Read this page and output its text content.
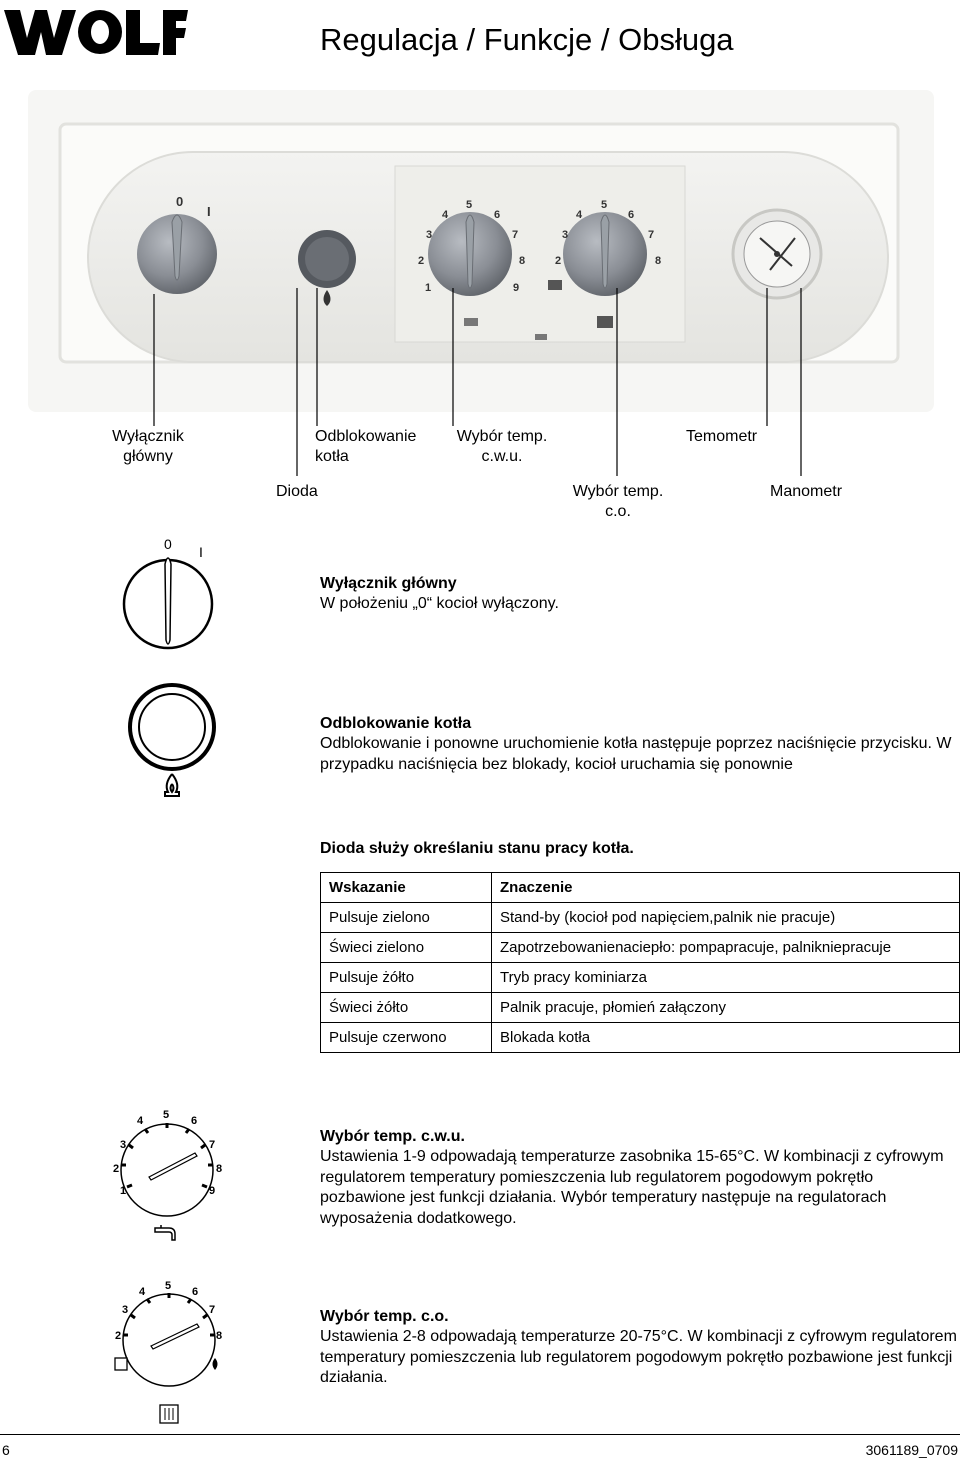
Regulacja / Funkcje / Obsługa
0
I
1
2
3
4
5
6
7
8
9
2
3
4
5
6
7
8
Wyłącznik główny
Odblokowanie kotła
Wybór temp. c.w.u.
Temometr
Dioda	Wybór temp. c.o.
Manometr
0 I
Wyłącznik główny
W położeniu „0“ kocioł wyłączony.
Odblokowanie kotła
Odblokowanie i ponowne uruchomienie kotła następuje poprzez naciśnięcie przycisku. W przypadku naciśnięcia bez blokady, kocioł uruchamia się ponownie
Dioda służy określaniu stanu pracy kotła.
Wskazanie	Znaczenie
Pulsuje zielono	Stand-by (kocioł pod napięciem,palnik nie pracuje)
Świeci zielono	Zapotrzebowanienaciepło: pompapracuje, palnikniepracuje
Pulsuje żółto	Tryb pracy kominiarza
Świeci żółto	Palnik pracuje, płomień załączony
Pulsuje czerwono	Blokada kotła
1
2
3
4 5 6
7
8
9
Wybór temp. c.w.u.
Ustawienia 1-9 odpowadają temperaturze zasobnika 15-65°C. W kombinacji z cyfrowym regulatorem temperatury pomieszczenia lub regulatorem pogodowym pokrętło pozbawione jest funkcji działania. Wybór temperatury następuje na regulatorach wyposażenia dodatkowego.
2
3
4 5 6
7
8
Wybór temp. c.o.
Ustawienia 2-8 odpowadają temperaturze 20-75°C. W kombinacji z cyfrowym regulatorem temperatury pomieszczenia lub regulatorem pogodowym pokrętło pozbawione jest funkcji działania.
6	3061189_0709
